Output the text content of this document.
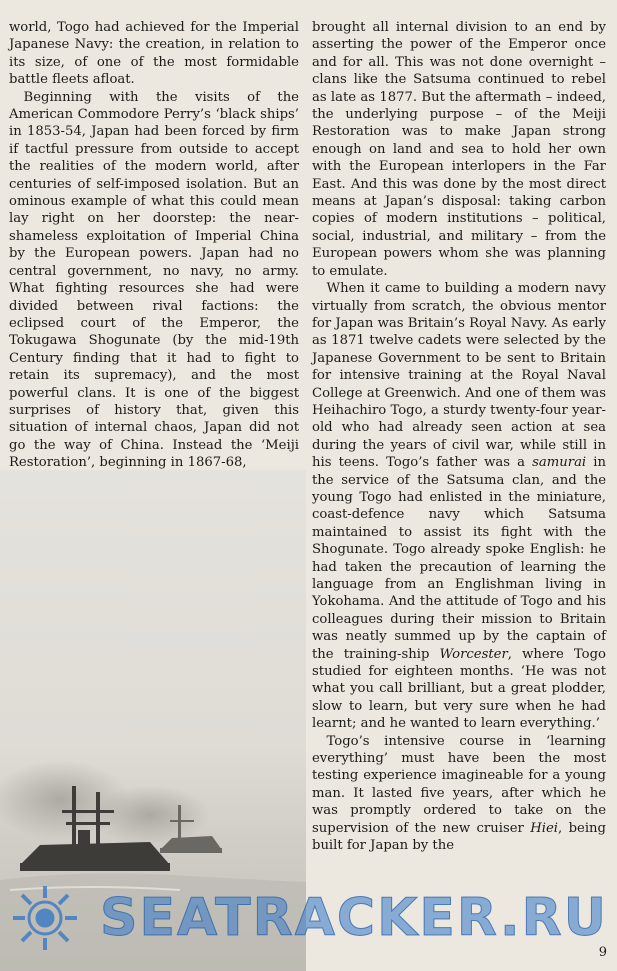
world, Togo had achieved for the Imperial Japanese Navy: the creation, in relation to its size, of one of the most formidable battle fleets afloat.

Beginning with the visits of the American Commodore Perry’s ‘black ships’ in 1853-54, Japan had been forced by firm if tactful pressure from outside to accept the realities of the modern world, after centuries of self-imposed isolation. But an ominous example of what this could mean lay right on her doorstep: the near-shameless exploitation of Imperial China by the European powers. Japan had no central government, no navy, no army. What fighting resources she had were divided between rival factions: the eclipsed court of the Emperor, the Tokugawa Shogunate (by the mid-19th Century finding that it had to fight to retain its supremacy), and the most powerful clans. It is one of the biggest surprises of history that, given this situation of internal chaos, Japan did not go the way of China. Instead the ‘Meiji Restoration’, beginning in 1867-68,

brought all internal division to an end by asserting the power of the Emperor once and for all. This was not done overnight – clans like the Satsuma continued to rebel as late as 1877. But the aftermath – indeed, the underlying purpose – of the Meiji Restoration was to make Japan strong enough on land and sea to hold her own with the European interlopers in the Far East. And this was done by the most direct means at Japan’s disposal: taking carbon copies of modern institutions – political, social, industrial, and military – from the European powers whom she was planning to emulate.

When it came to building a modern navy virtually from scratch, the obvious mentor for Japan was Britain’s Royal Navy. As early as 1871 twelve cadets were selected by the Japanese Government to be sent to Britain for intensive training at the Royal Naval College at Greenwich. And one of them was Heihachiro Togo, a sturdy twenty-four year-old who had already seen action at sea during the years of civil war, while still in his teens. Togo’s father was a samurai in the service of the Satsuma clan, and the young Togo had enlisted in the miniature, coast-defence navy which Satsuma maintained to assist its fight with the Shogunate. Togo already spoke English: he had taken the precaution of learning the language from an Englishman living in Yokohama. And the attitude of Togo and his colleagues during their mission to Britain was neatly summed up by the captain of the training-ship Worcester, where Togo studied for eighteen months. ‘He was not what you call brilliant, but a great plodder, slow to learn, but very sure when he had learnt; and he wanted to learn everything.’

Togo’s intensive course in ‘learning everything’ must have been the most testing experience imagineable for a young man. It lasted five years, after which he was promptly ordered to take on the supervision of the new cruiser Hiei, being built for Japan by the

SEATRACKER.RU
9
